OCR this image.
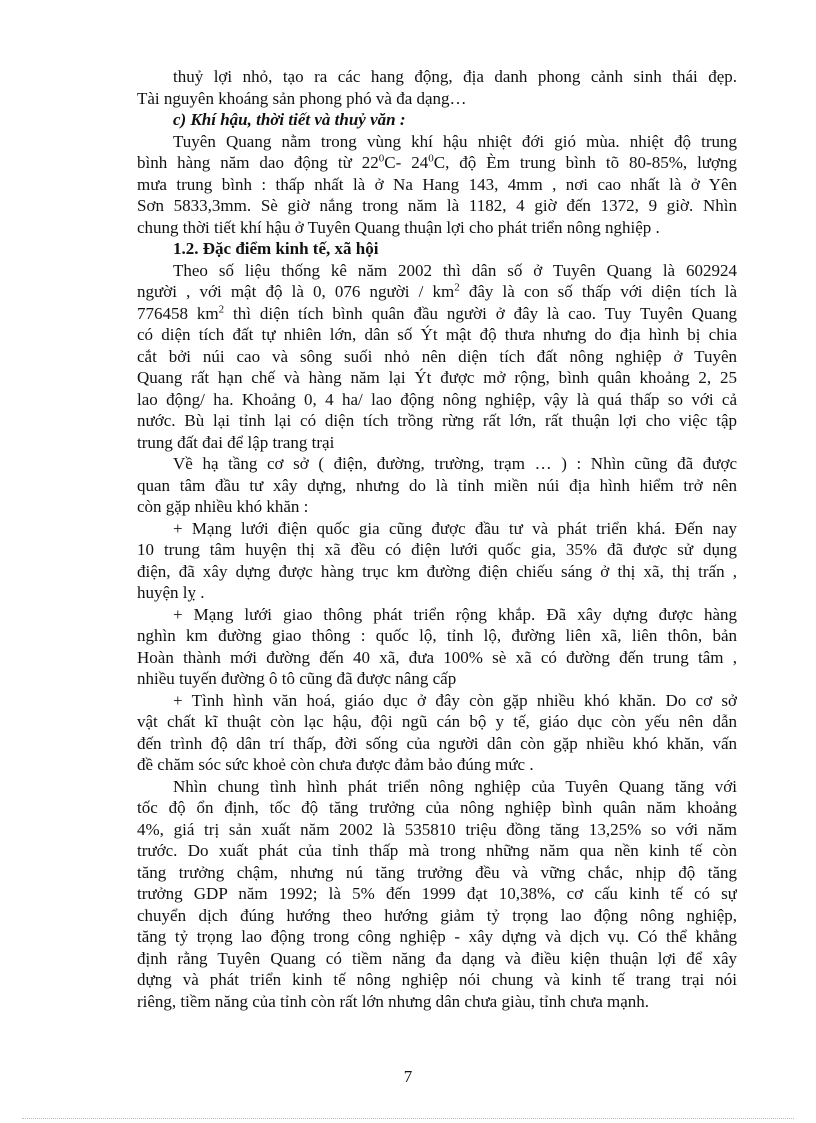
thuỷ lợi nhỏ, tạo ra các hang động, địa danh phong cảnh sinh thái đẹp.
Tài nguyên khoáng sản phong phó và đa dạng…
c) Khí hậu, thời tiết và thuỷ văn :
Tuyên Quang nằm trong vùng khí hậu nhiệt đới gió mùa. nhiệt độ trung
bình hàng năm dao động từ $22^0C-$ $24^0C$, độ Èm trung bình tõ 80-85%, lượng
mưa trung bình : thấp nhất là ở Na Hang 143, 4mm , nơi cao nhất là ở Yên
Sơn 5833,3mm. Sè giờ nắng trong năm là 1182, 4 giờ đến 1372, 9 giờ. Nhìn
chung thời tiết khí hậu ở Tuyên Quang thuận lợi cho phát triển nông nghiệp .
1.2. Đặc điểm kinh tế, xã hội
Theo số liệu thống kê năm 2002 thì dân số ở Tuyên Quang là 602924
người , với mật độ là 0, 076 người / $km^2$ đây là con số thấp với diện tích là
776458 $km^2$ thì diện tích bình quân đầu người ở đây là cao. Tuy Tuyên Quang
có diện tích đất tự nhiên lớn, dân số Ýt mật độ thưa nhưng do địa hình bị chia
cắt bởi núi cao và sông suối nhỏ nên diện tích đất nông nghiệp ở Tuyên
Quang rất hạn chế và hàng năm lại Ýt được mở rộng, bình quân khoảng 2, 25
lao động/ ha. Khoảng 0, 4 ha/ lao động nông nghiệp, vậy là quá thấp so với cả
nước. Bù lại tỉnh lại có diện tích trồng rừng rất lớn, rất thuận lợi cho việc tập
trung đất đai để lập trang trại
Về hạ tầng cơ sở ( điện, đường, trường, trạm … ) : Nhìn cũng đã được
quan tâm đầu tư xây dựng, nhưng do là tỉnh miền núi địa hình hiểm trở nên
còn gặp nhiều khó khăn :
+ Mạng lưới điện quốc gia cũng được đầu tư và phát triển khá. Đến nay
10 trung tâm huyện thị xã đều có điện lưới quốc gia, 35% đã được sử dụng
điện, đã xây dựng được hàng trục km đường điện chiếu sáng ở thị xã, thị trấn ,
huyện lỵ .
+ Mạng lưới giao thông phát triển rộng khắp. Đã xây dựng được hàng
nghìn km đường giao thông : quốc lộ, tỉnh lộ, đường liên xã, liên thôn, bản
Hoàn thành mới đường đến 40 xã, đưa 100% sè xã có đường đến trung tâm ,
nhiều tuyến đường ô tô cũng đã được nâng cấp
+ Tình hình văn hoá, giáo dục ở đây còn gặp nhiều khó khăn. Do cơ sở
vật chất kĩ thuật còn lạc hậu, đội ngũ cán bộ y tế, giáo dục còn yếu nên dẫn
đến trình độ dân trí thấp, đời sống của người dân còn gặp nhiều khó khăn, vấn
đề chăm sóc sức khoẻ còn chưa được đảm bảo đúng mức .
Nhìn chung tình hình phát triển nông nghiệp của Tuyên Quang tăng với
tốc độ ổn định, tốc độ tăng trưởng của nông nghiệp bình quân năm khoảng
4%, giá trị sản xuất năm 2002 là 535810 triệu đồng tăng 13,25% so với năm
trước. Do xuất phát của tỉnh thấp mà trong những năm qua nền kinh tế còn
tăng trưởng chậm, nhưng nú tăng trưởng đều và vững chắc, nhịp độ tăng
trưởng GDP năm 1992; là 5% đến 1999 đạt 10,38%, cơ cấu kinh tế có sự
chuyển dịch đúng hướng theo hướng giảm tỷ trọng lao động nông nghiệp,
tăng tỷ trọng lao động trong công nghiệp - xây dựng và dịch vụ. Có thể khẳng
định rằng Tuyên Quang có tiềm năng đa dạng và điều kiện thuận lợi để xây
dựng và phát triển kinh tế nông nghiệp nói chung và kinh tế trang trại nói
riêng, tiềm năng của tỉnh còn rất lớn nhưng dân chưa giàu, tỉnh chưa mạnh.
7
